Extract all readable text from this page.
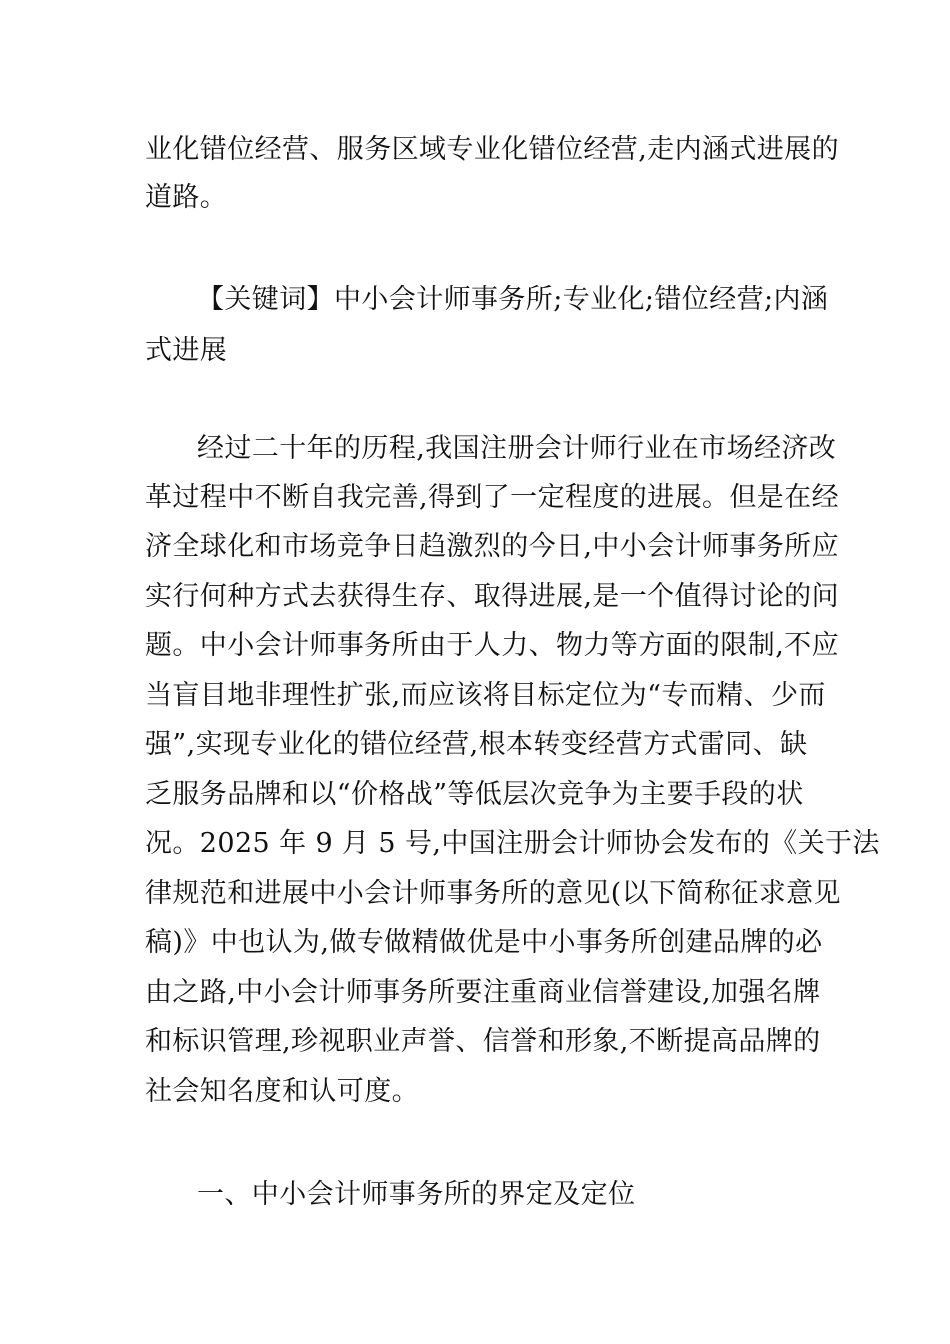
业化错位经营、服务区域专业化错位经营,走内涵式进展的
道路。
【关键词】中小会计师事务所;专业化;错位经营;内涵
式进展
经过二十年的历程,我国注册会计师行业在市场经济改
革过程中不断自我完善,得到了一定程度的进展。但是在经
济全球化和市场竞争日趋激烈的今日,中小会计师事务所应
实行何种方式去获得生存、取得进展,是一个值得讨论的问
题。中小会计师事务所由于人力、物力等方面的限制,不应
当盲目地非理性扩张,而应该将目标定位为“专而精、少而
强”,实现专业化的错位经营,根本转变经营方式雷同、缺
乏服务品牌和以“价格战”等低层次竞争为主要手段的状
况。2025 年 9 月 5 号,中国注册会计师协会发布的《关于法
律规范和进展中小会计师事务所的意见(以下简称征求意见
稿)》中也认为,做专做精做优是中小事务所创建品牌的必
由之路,中小会计师事务所要注重商业信誉建设,加强名牌
和标识管理,珍视职业声誉、信誉和形象,不断提高品牌的
社会知名度和认可度。
一、中小会计师事务所的界定及定位
